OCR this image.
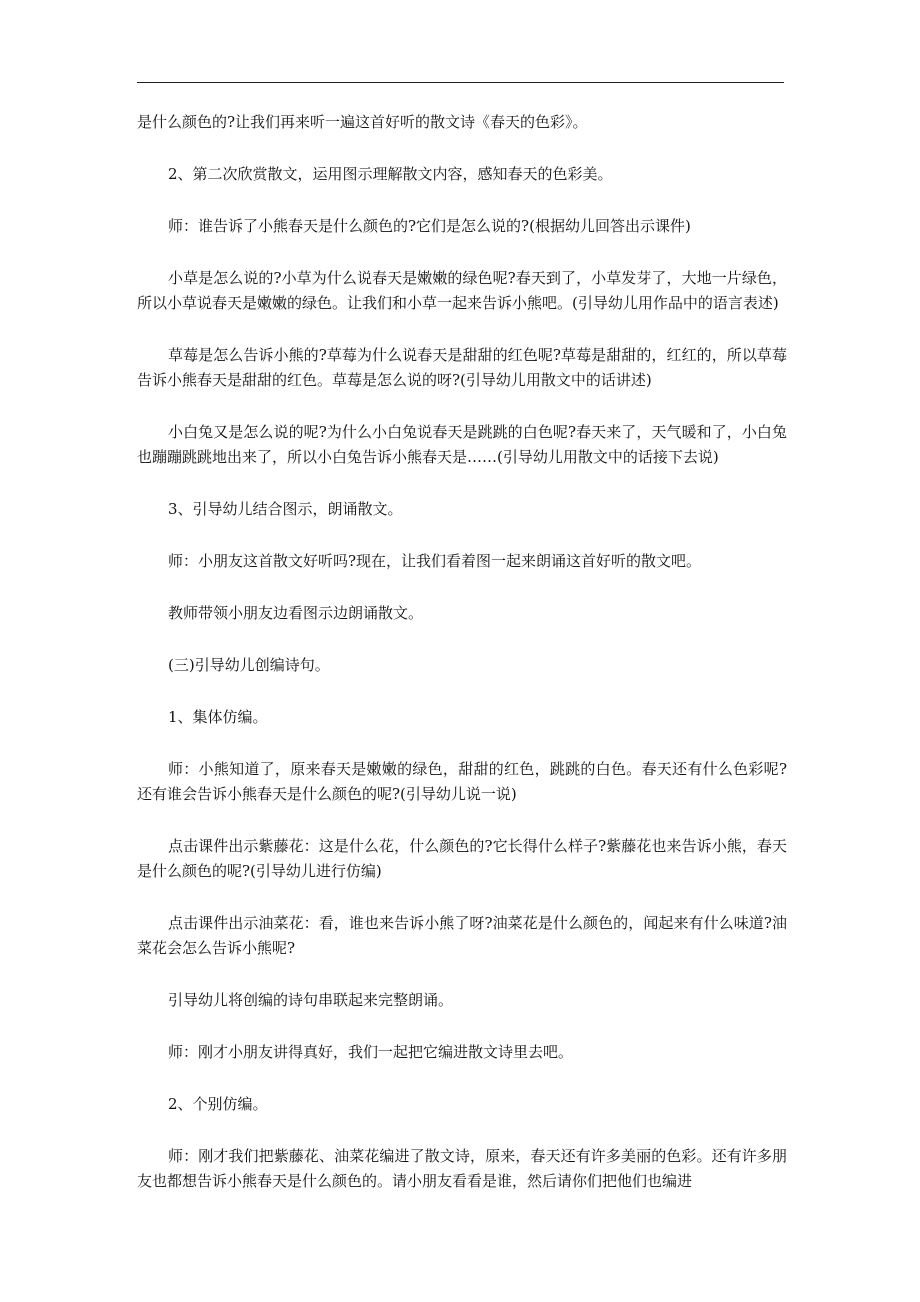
是什么颜色的?让我们再来听一遍这首好听的散文诗《春天的色彩》。

2、第二次欣赏散文，运用图示理解散文内容，感知春天的色彩美。

师：谁告诉了小熊春天是什么颜色的?它们是怎么说的?(根据幼儿回答出示课件)

小草是怎么说的?小草为什么说春天是嫩嫩的绿色呢?春天到了，小草发芽了，大地一片绿色，所以小草说春天是嫩嫩的绿色。让我们和小草一起来告诉小熊吧。(引导幼儿用作品中的语言表述)

草莓是怎么告诉小熊的?草莓为什么说春天是甜甜的红色呢?草莓是甜甜的，红红的，所以草莓告诉小熊春天是甜甜的红色。草莓是怎么说的呀?(引导幼儿用散文中的话讲述)

小白兔又是怎么说的呢?为什么小白兔说春天是跳跳的白色呢?春天来了，天气暖和了，小白兔也蹦蹦跳跳地出来了，所以小白兔告诉小熊春天是……(引导幼儿用散文中的话接下去说)

3、引导幼儿结合图示，朗诵散文。

师：小朋友这首散文好听吗?现在，让我们看着图一起来朗诵这首好听的散文吧。

教师带领小朋友边看图示边朗诵散文。

(三)引导幼儿创编诗句。

1、集体仿编。

师：小熊知道了，原来春天是嫩嫩的绿色，甜甜的红色，跳跳的白色。春天还有什么色彩呢?还有谁会告诉小熊春天是什么颜色的呢?(引导幼儿说一说)

点击课件出示紫藤花：这是什么花，什么颜色的?它长得什么样子?紫藤花也来告诉小熊，春天是什么颜色的呢?(引导幼儿进行仿编)

点击课件出示油菜花：看，谁也来告诉小熊了呀?油菜花是什么颜色的，闻起来有什么味道?油菜花会怎么告诉小熊呢?

引导幼儿将创编的诗句串联起来完整朗诵。

师：刚才小朋友讲得真好，我们一起把它编进散文诗里去吧。

2、个别仿编。

师：刚才我们把紫藤花、油菜花编进了散文诗，原来，春天还有许多美丽的色彩。还有许多朋友也都想告诉小熊春天是什么颜色的。请小朋友看看是谁，然后请你们把他们也编进
